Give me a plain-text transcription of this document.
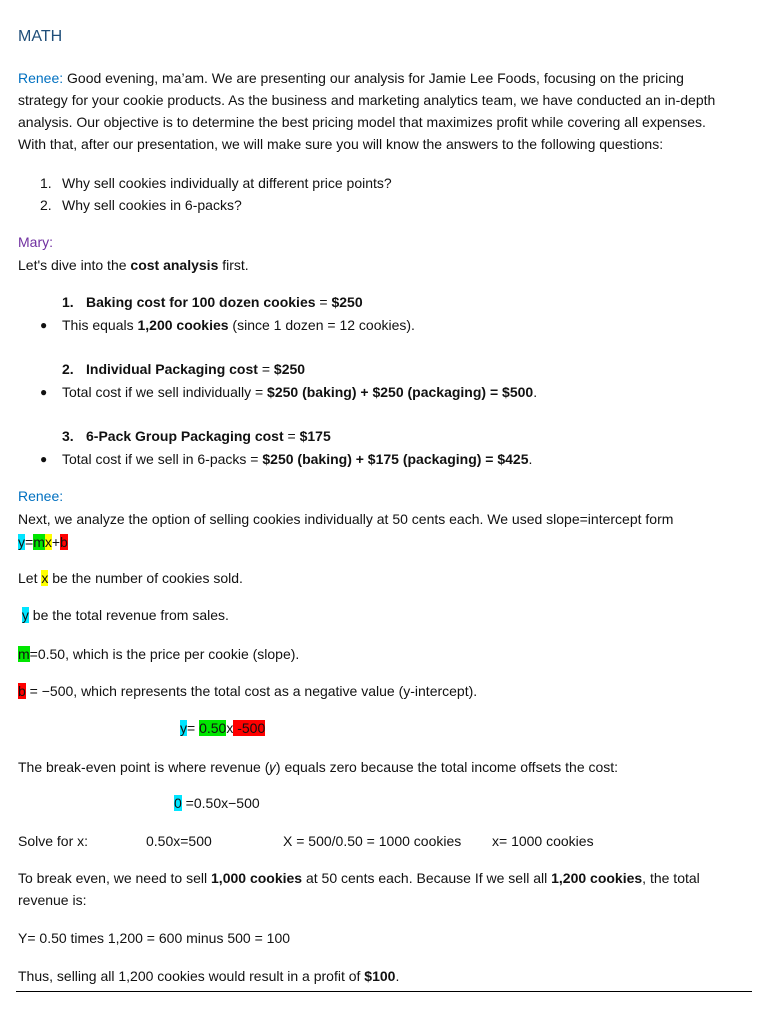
MATH

Renee: Good evening, ma’am. We are presenting our analysis for Jamie Lee Foods, focusing on the pricing

strategy for your cookie products. As the business and marketing analytics team, we have conducted an in-depth

analysis. Our objective is to determine the best pricing model that maximizes profit while covering all expenses.

With that, after our presentation, we will make sure you will know the answers to the following questions:

1. Why sell cookies individually at different price points?
2. Why sell cookies in 6-packs?

Mary:

Let's dive into the cost analysis first.

1. Baking cost for 100 dozen cookies = $250
●	This equals 1,200 cookies (since 1 dozen = 12 cookies).
2. Individual Packaging cost = $250
●	Total cost if we sell individually = $250 (baking) + $250 (packaging) = $500.
3. 6-Pack Group Packaging cost = $175
●	Total cost if we sell in 6-packs = $250 (baking) + $175 (packaging) = $425.

Renee:

Next, we analyze the option of selling cookies individually at 50 cents each. We used slope=intercept form

y=mx+b

Let x be the number of cookies sold.

y be the total revenue from sales.

m=0.50, which is the price per cookie (slope).

b = −500, which represents the total cost as a negative value (y-intercept).

y= 0.50x -500

The break-even point is where revenue (𝑦) equals zero because the total income offsets the cost:

0 =0.50x−500

Solve for x:	0.50x=500	X = 500/0.50 = 1000 cookies x= 1000 cookies

To break even, we need to sell 1,000 cookies at 50 cents each. Because If we sell all 1,200 cookies, the total

revenue is:

Y= 0.50 times 1,200 = 600 minus 500 = 100

Thus, selling all 1,200 cookies would result in a profit of $100.
